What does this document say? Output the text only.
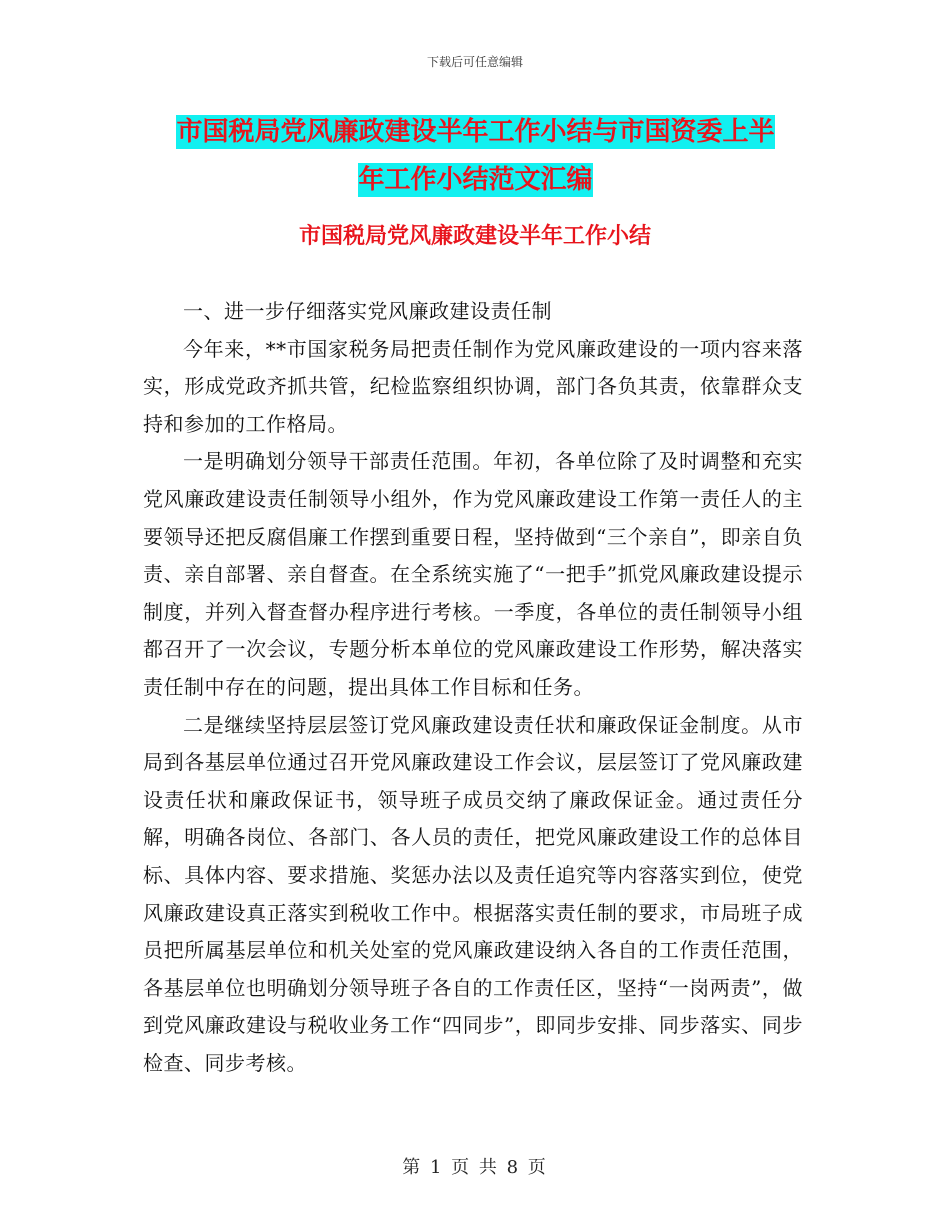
下载后可任意编辑
市国税局党风廉政建设半年工作小结与市国资委上半
年工作小结范文汇编
市国税局党风廉政建设半年工作小结

一、进一步仔细落实党风廉政建设责任制

今年来，**市国家税务局把责任制作为党风廉政建设的一项内容来落实，形成党政齐抓共管，纪检监察组织协调，部门各负其责，依靠群众支持和参加的工作格局。

一是明确划分领导干部责任范围。年初，各单位除了及时调整和充实党风廉政建设责任制领导小组外，作为党风廉政建设工作第一责任人的主要领导还把反腐倡廉工作摆到重要日程，坚持做到“三个亲自”，即亲自负责、亲自部署、亲自督查。在全系统实施了“一把手”抓党风廉政建设提示制度，并列入督查督办程序进行考核。一季度，各单位的责任制领导小组都召开了一次会议，专题分析本单位的党风廉政建设工作形势，解决落实责任制中存在的问题，提出具体工作目标和任务。

二是继续坚持层层签订党风廉政建设责任状和廉政保证金制度。从市局到各基层单位通过召开党风廉政建设工作会议，层层签订了党风廉政建设责任状和廉政保证书，领导班子成员交纳了廉政保证金。通过责任分解，明确各岗位、各部门、各人员的责任，把党风廉政建设工作的总体目标、具体内容、要求措施、奖惩办法以及责任追究等内容落实到位，使党风廉政建设真正落实到税收工作中。根据落实责任制的要求，市局班子成员把所属基层单位和机关处室的党风廉政建设纳入各自的工作责任范围，各基层单位也明确划分领导班子各自的工作责任区，坚持“一岗两责”，做到党风廉政建设与税收业务工作“四同步”，即同步安排、同步落实、同步检查、同步考核。

第 1 页 共 8 页
